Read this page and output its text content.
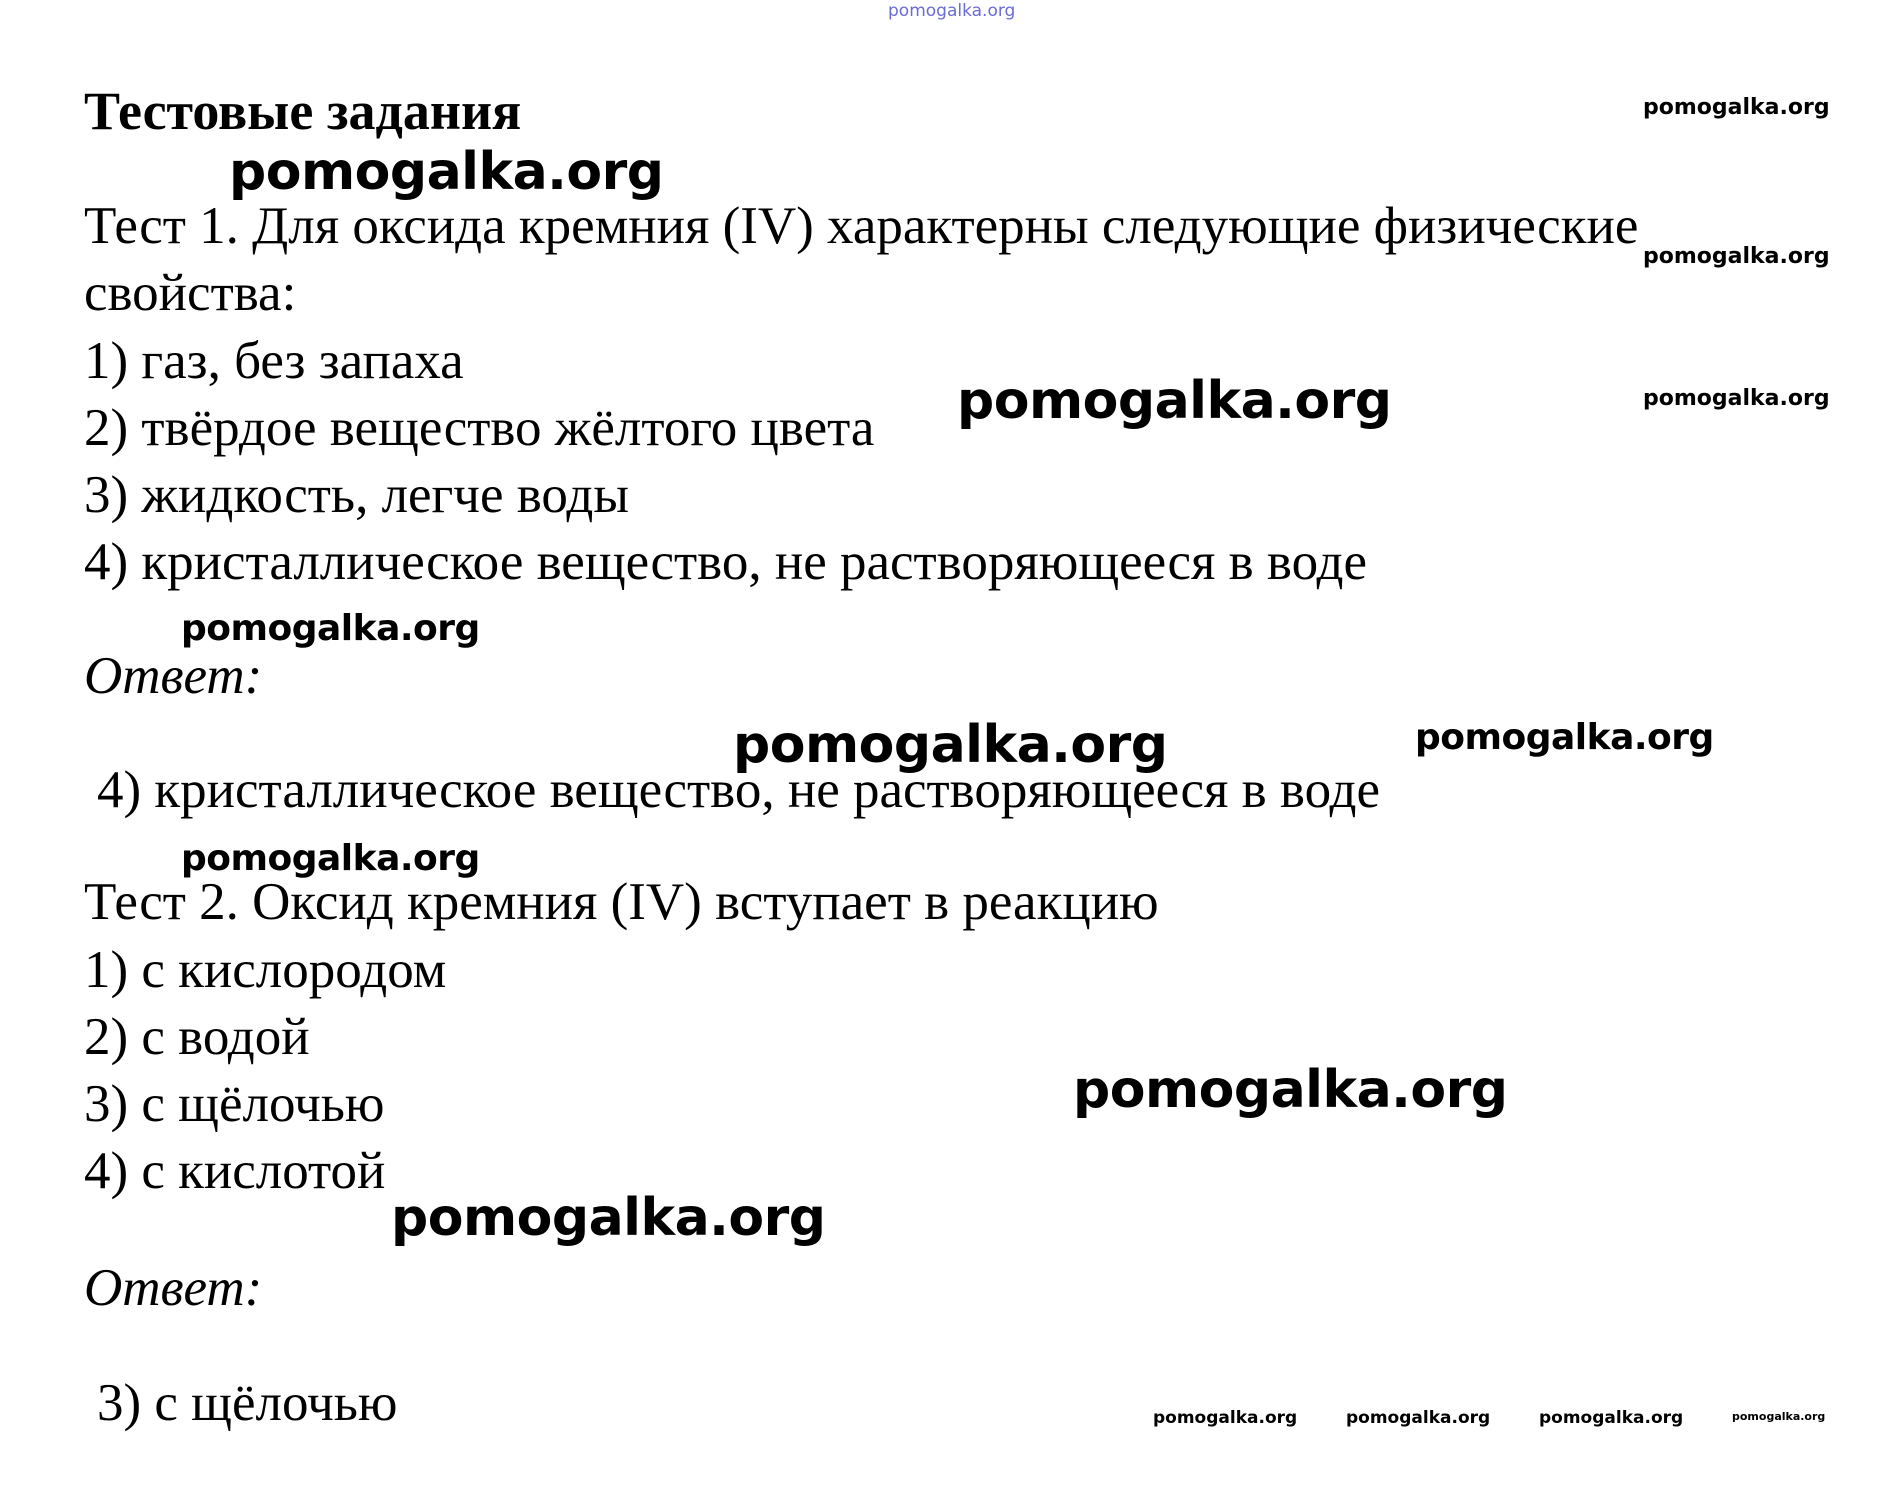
pomogalka.org
pomogalka.org
pomogalka.org
pomogalka.org
pomogalka.org	pomogalka.org
pomogalka.org
pomogalka.org	pomogalka.org
pomogalka.org
pomogalka.org
pomogalka.org
pomogalka.org	pomogalka.org	pomogalka.org	pomogalka.org
Тестовые задания
Тест 1. Для оксида кремния (IV) характерны следующие физические
свойства:
1) газ, без запаха
2) твёрдое вещество жёлтого цвета
3) жидкость, легче воды
4) кристаллическое вещество, не растворяющееся в воде
Ответ:
4) кристаллическое вещество, не растворяющееся в воде
Тест 2. Оксид кремния (IV) вступает в реакцию
1) с кислородом
2) с водой
3) с щёлочью
4) с кислотой
Ответ:
3) с щёлочью
